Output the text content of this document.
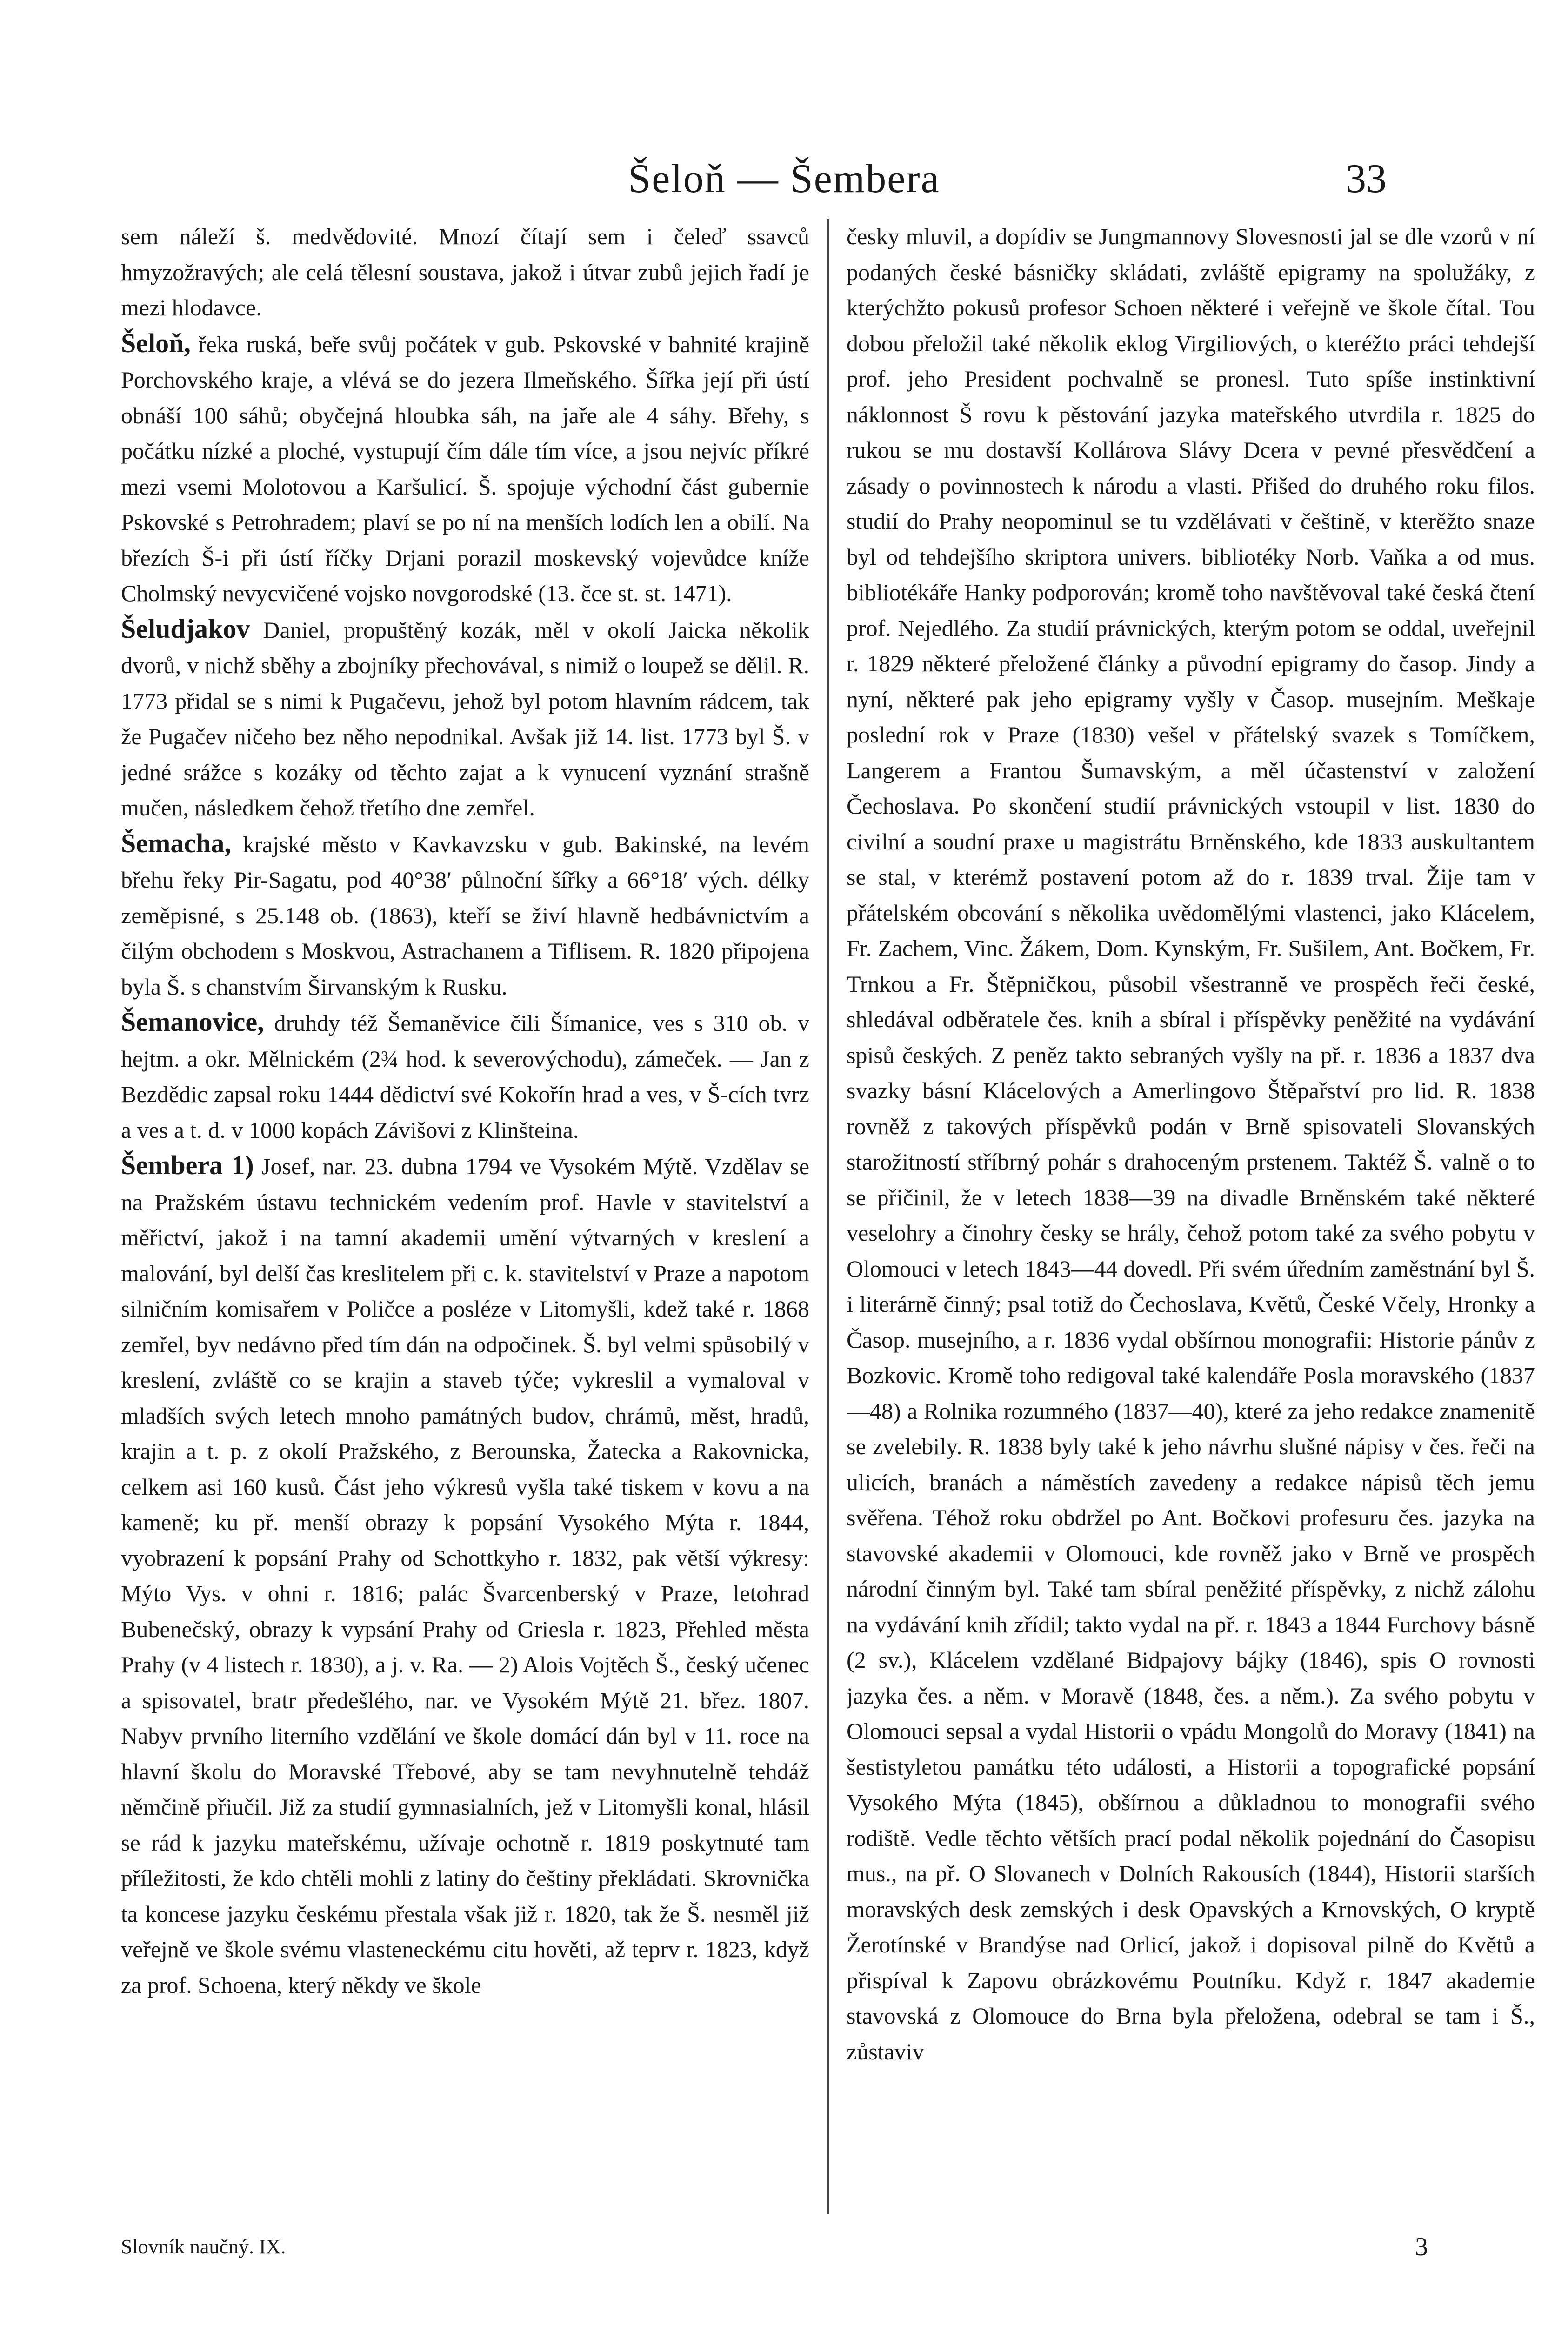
Šeloň — Šembera	33

sem náleží š. medvědovité. Mnozí čítají sem i čeleď ssavců hmyzožravých; ale celá tělesní soustava, jakož i útvar zubů jejich řadí je mezi hlodavce.

Šeloň, řeka ruská, beře svůj počátek v gub. Pskovské v bahnité krajině Porchovského kraje, a vlévá se do jezera Ilmeňského. Šířka její při ústí obnáší 100 sáhů; obyčejná hloubka sáh, na jaře ale 4 sáhy. Břehy, s počátku nízké a ploché, vystupují čím dále tím více, a jsou nejvíc příkré mezi vsemi Molotovou a Karšulicí. Š. spojuje východní část gubernie Pskovské s Petrohradem; plaví se po ní na menších lodích len a obilí. Na březích Š-i při ústí říčky Drjani porazil moskevský vojevůdce kníže Cholmský nevycvičené vojsko novgorodské (13. čce st. st. 1471).

Šeludjakov Daniel, propuštěný kozák, měl v okolí Jaicka několik dvorů, v nichž sběhy a zbojníky přechovával, s nimiž o loupež se dělil. R. 1773 přidal se s nimi k Pugačevu, jehož byl potom hlavním rádcem, tak že Pugačev ničeho bez něho nepodnikal. Avšak již 14. list. 1773 byl Š. v jedné srážce s kozáky od těchto zajat a k vynucení vyznání strašně mučen, následkem čehož třetího dne zemřel.

Šemacha, krajské město v Kavkavzsku v gub. Bakinské, na levém břehu řeky Pir-Sagatu, pod 40°38′ půlnoční šířky a 66°18′ vých. délky zeměpisné, s 25.148 ob. (1863), kteří se živí hlavně hedbávnictvím a čilým obchodem s Moskvou, Astrachanem a Tiflisem. R. 1820 připojena byla Š. s chanstvím Širvanským k Rusku.

Šemanovice, druhdy též Šemaněvice čili Šímanice, ves s 310 ob. v hejtm. a okr. Mělnickém (2¾ hod. k severovýchodu), zámeček. — Jan z Bezdědic zapsal roku 1444 dědictví své Kokořín hrad a ves, v Š-cích tvrz a ves a t. d. v 1000 kopách Závišovi z Klinšteina.

Šembera 1) Josef, nar. 23. dubna 1794 ve Vysokém Mýtě. Vzdělav se na Pražském ústavu technickém vedením prof. Havle v stavitelství a měřictví, jakož i na tamní akademii umění výtvarných v kreslení a malování, byl delší čas kreslitelem při c. k. stavitelství v Praze a napotom silničním komisařem v Poličce a posléze v Litomyšli, kdež také r. 1868 zemřel, byv nedávno před tím dán na odpočinek. Š. byl velmi spůsobilý v kreslení, zvláště co se krajin a staveb týče; vykreslil a vymaloval v mladších svých letech mnoho památných budov, chrámů, měst, hradů, krajin a t. p. z okolí Pražského, z Berounska, Žatecka a Rakovnicka, celkem asi 160 kusů. Část jeho výkresů vyšla také tiskem v kovu a na kameně; ku př. menší obrazy k popsání Vysokého Mýta r. 1844, vyobrazení k popsání Prahy od Schottkyho r. 1832, pak větší výkresy: Mýto Vys. v ohni r. 1816; palác Švarcenberský v Praze, letohrad Bubenečský, obrazy k vypsání Prahy od Griesla r. 1823, Přehled města Prahy (v 4 listech r. 1830), a j. v. Ra. — 2) Alois Vojtěch Š., český učenec a spisovatel, bratr předešlého, nar. ve Vysokém Mýtě 21. břez. 1807. Nabyv prvního literního vzdělání ve škole domácí dán byl v 11. roce na hlavní školu do Moravské Třebové, aby se tam nevyhnutelně tehdáž němčině přiučil. Již za studií gymnasialních, jež v Litomyšli konal, hlásil se rád k jazyku mateřskému, užívaje ochotně r. 1819 poskytnuté tam příležitosti, že kdo chtěli mohli z latiny do češtiny překládati. Skrovnička ta koncese jazyku českému přestala však již r. 1820, tak že Š. nesměl již veřejně ve škole svému vlasteneckému citu hověti, až teprv r. 1823, když za prof. Schoena, který někdy ve škole

česky mluvil, a dopídiv se Jungmannovy Slovesnosti jal se dle vzorů v ní podaných české básničky skládati, zvláště epigramy na spolužáky, z kterýchžto pokusů profesor Schoen některé i veřejně ve škole čítal. Tou dobou přeložil také několik eklog Virgiliových, o kteréžto práci tehdejší prof. jeho President pochvalně se pronesl. Tuto spíše instinktivní náklonnost Š rovu k pěstování jazyka mateřského utvrdila r. 1825 do rukou se mu dostavší Kollárova Slávy Dcera v pevné přesvědčení a zásady o povinnostech k národu a vlasti. Přišed do druhého roku filos. studií do Prahy neopominul se tu vzdělávati v češtině, v kterěžto snaze byl od tehdejšího skriptora univers. bibliotéky Norb. Vaňka a od mus. bibliotékáře Hanky podporován; kromě toho navštěvoval také česká čtení prof. Nejedlého. Za studií právnických, kterým potom se oddal, uveřejnil r. 1829 některé přeložené články a původní epigramy do časop. Jindy a nyní, některé pak jeho epigramy vyšly v Časop. musejním. Meškaje poslední rok v Praze (1830) vešel v přátelský svazek s Tomíčkem, Langerem a Frantou Šumavským, a měl účastenství v založení Čechoslava. Po skončení studií právnických vstoupil v list. 1830 do civilní a soudní praxe u magistrátu Brněnského, kde 1833 auskultantem se stal, v kterémž postavení potom až do r. 1839 trval. Žije tam v přátelském obcování s několika uvědomělými vlastenci, jako Klácelem, Fr. Zachem, Vinc. Žákem, Dom. Kynským, Fr. Sušilem, Ant. Bočkem, Fr. Trnkou a Fr. Štěpničkou, působil všestranně ve prospěch řeči české, shledával odběratele čes. knih a sbíral i příspěvky peněžité na vydávání spisů českých. Z peněz takto sebraných vyšly na př. r. 1836 a 1837 dva svazky básní Klácelových a Amerlingovo Štěpařství pro lid. R. 1838 rovněž z takových příspěvků podán v Brně spisovateli Slovanských starožitností stříbrný pohár s drahoceným prstenem. Taktéž Š. valně o to se přičinil, že v letech 1838—39 na divadle Brněnském také některé veselohry a činohry česky se hrály, čehož potom také za svého pobytu v Olomouci v letech 1843—44 dovedl. Při svém úředním zaměstnání byl Š. i literárně činný; psal totiž do Čechoslava, Květů, České Včely, Hronky a Časop. musejního, a r. 1836 vydal obšírnou monografii: Historie pánův z Bozkovic. Kromě toho redigoval také kalendáře Posla moravského (1837—48) a Rolnika rozumného (1837—40), které za jeho redakce znamenitě se zvelebily. R. 1838 byly také k jeho návrhu slušné nápisy v čes. řeči na ulicích, branách a náměstích zavedeny a redakce nápisů těch jemu svěřena. Téhož roku obdržel po Ant. Bočkovi profesuru čes. jazyka na stavovské akademii v Olomouci, kde rovněž jako v Brně ve prospěch národní činným byl. Také tam sbíral peněžité příspěvky, z nichž zálohu na vydávání knih zřídil; takto vydal na př. r. 1843 a 1844 Furchovy básně (2 sv.), Klácelem vzdělané Bidpajovy bájky (1846), spis O rovnosti jazyka čes. a něm. v Moravě (1848, čes. a něm.). Za svého pobytu v Olomouci sepsal a vydal Historii o vpádu Mongolů do Moravy (1841) na šestistyletou památku této události, a Historii a topografické popsání Vysokého Mýta (1845), obšírnou a důkladnou to monografii svého rodiště. Vedle těchto větších prací podal několik pojednání do Časopisu mus., na př. O Slovanech v Dolních Rakousích (1844), Historii starších moravských desk zemských i desk Opavských a Krnovských, O kryptě Žerotínské v Brandýse nad Orlicí, jakož i dopisoval pilně do Květů a přispíval k Zapovu obrázkovému Poutníku. Když r. 1847 akademie stavovská z Olomouce do Brna byla přeložena, odebral se tam i Š., zůstaviv

Slovník naučný. IX.	3
